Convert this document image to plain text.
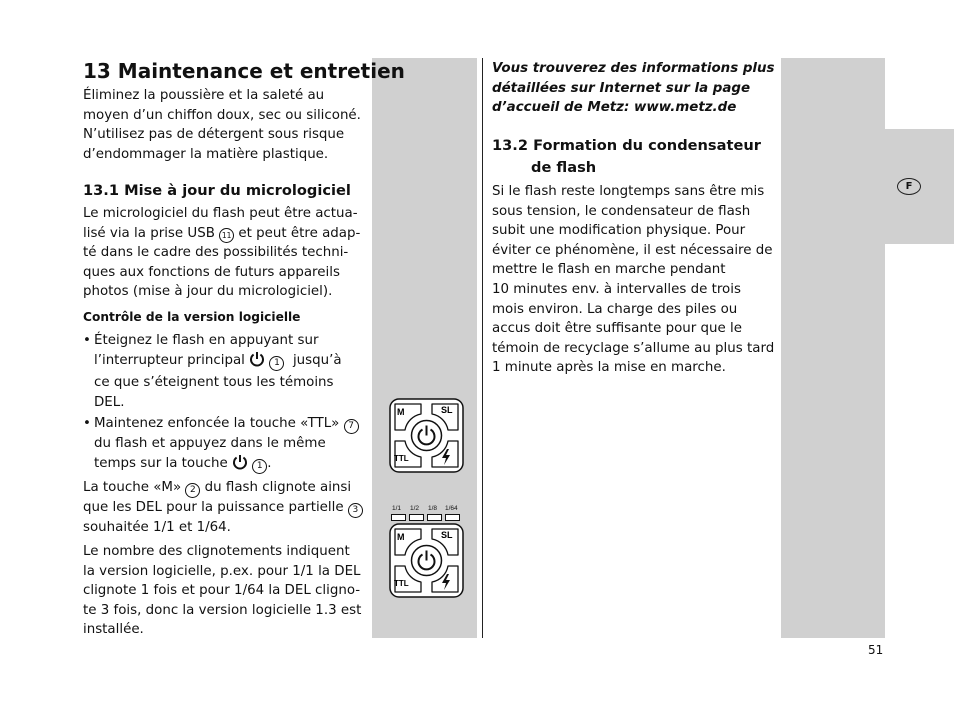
F
13 Maintenance et entretien
Éliminez la poussière et la saleté au
moyen d’un chiffon doux, sec ou siliconé.
N’utilisez pas de détergent sous risque
d’endommager la matière plastique.
13.1 Mise à jour du micrologiciel
Le micrologiciel du flash peut être actua-
lisé via la prise USB 11 et peut être adap-
té dans le cadre des possibilités techni-
ques aux fonctions de futurs appareils
photos (mise à jour du micrologiciel).
Contrôle de la version logicielle
• Éteignez le flash en appuyant sur
l’interrupteur principal	1 jusqu’à
ce que s’éteignent tous les témoins
DEL.
• Maintenez enfoncée la touche «TTL» 7
du flash et appuyez dans le même
temps sur la touche	1 .
La touche «M» 2 du flash clignote ainsi
que les DEL pour la puissance partielle 3
souhaitée 1/1 et 1/64.
Le nombre des clignotements indiquent
la version logicielle, p.ex. pour 1/1 la DEL
clignote 1 fois et pour 1/64 la DEL cligno-
te 3 fois, donc la version logicielle 1.3 est
installée.
M	SL
TTL
1/1 1/2 1/8 1/64
M	SL
TTL
Vous trouverez des informations plus
détaillées sur Internet sur la page
d’accueil de Metz: www.metz.de
13.2 Formation du condensateur
de flash
Si le flash reste longtemps sans être mis
sous tension, le condensateur de flash
subit une modification physique. Pour
éviter ce phénomène, il est nécessaire de
mettre le flash en marche pendant
10 minutes env. à intervalles de trois
mois environ. La charge des piles ou
accus doit être suffisante pour que le
témoin de recyclage s’allume au plus tard
1 minute après la mise en marche.
51
